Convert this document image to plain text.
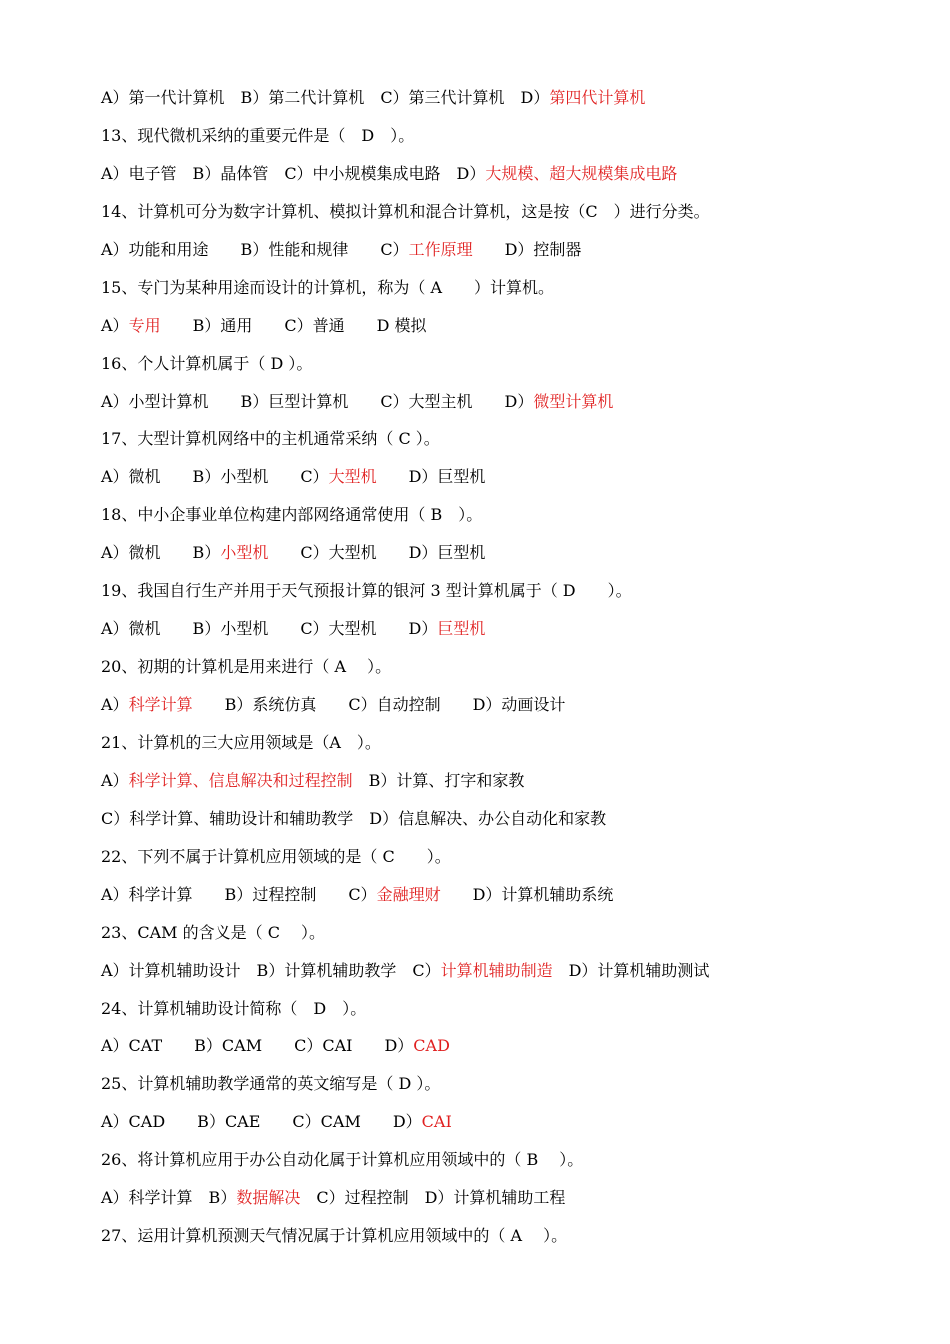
A）第一代计算机　B）第二代计算机　C）第三代计算机　D）第四代计算机
13、现代微机采纳的重要元件是（　D　）。
A）电子管　B）晶体管　C）中小规模集成电路　D）大规模、超大规模集成电路
14、计算机可分为数字计算机、模拟计算机和混合计算机，这是按（C　）进行分类。
A）功能和用途　　B）性能和规律　　C）工作原理　　D）控制器
15、专门为某种用途而设计的计算机，称为（ A　　）计算机。
A）专用　　B）通用　　C）普通　　D 模拟
16、个人计算机属于（ D ）。
A）小型计算机　　B）巨型计算机　　C）大型主机　　D）微型计算机
17、大型计算机网络中的主机通常采纳（ C ）。
A）微机　　B）小型机　　C）大型机　　D）巨型机
18、中小企事业单位构建内部网络通常使用（ B　）。
A）微机　　B）小型机　　C）大型机　　D）巨型机
19、我国自行生产并用于天气预报计算的银河 3 型计算机属于（ D　　）。
A）微机　　B）小型机　　C）大型机　　D）巨型机
20、初期的计算机是用来进行（ A　 ）。
A）科学计算　　B）系统仿真　　C）自动控制　　D）动画设计
21、计算机的三大应用领域是（A　）。
A）科学计算、信息解决和过程控制　B）计算、打字和家教
C）科学计算、辅助设计和辅助教学　D）信息解决、办公自动化和家教
22、下列不属于计算机应用领域的是（ C　　）。
A）科学计算　　B）过程控制　　C）金融理财　　D）计算机辅助系统
23、CAM 的含义是（ C　 ）。
A）计算机辅助设计　B）计算机辅助教学　C）计算机辅助制造　D）计算机辅助测试
24、计算机辅助设计简称（　D　）。
A）CAT　　B）CAM　　C）CAI　　D）CAD
25、计算机辅助教学通常的英文缩写是（ D ）。
A）CAD　　B）CAE　　C）CAM　　D）CAI
26、将计算机应用于办公自动化属于计算机应用领域中的（ B　 ）。
A）科学计算　B）数据解决　C）过程控制　D）计算机辅助工程
27、运用计算机预测天气情况属于计算机应用领域中的（ A　 ）。
